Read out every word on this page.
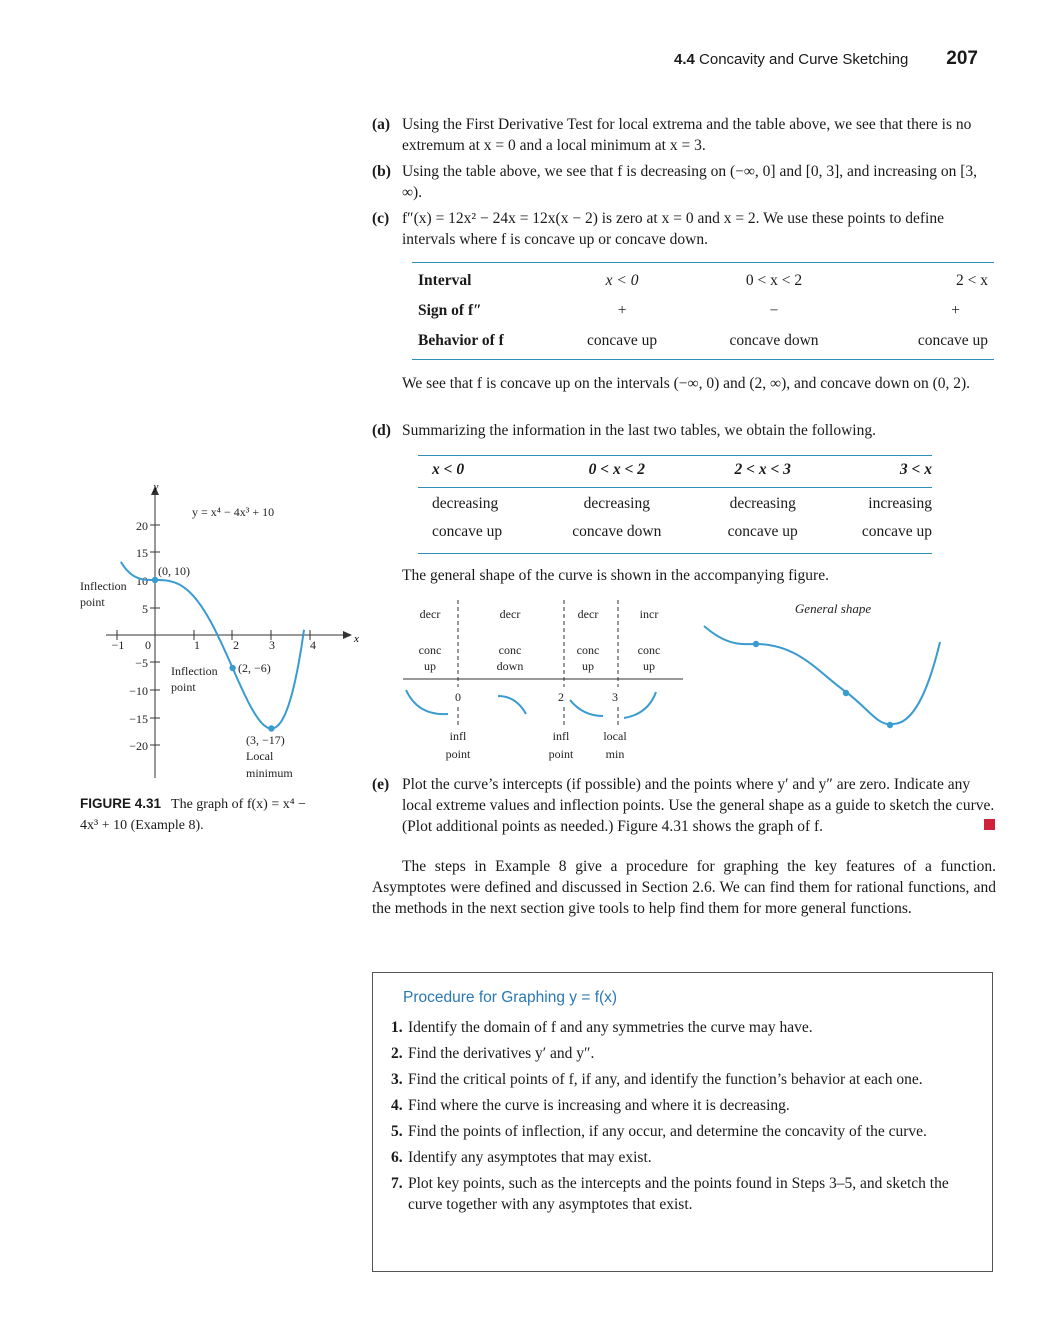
4.4 Concavity and Curve Sketching 207
(a) Using the First Derivative Test for local extrema and the table above, we see that there is no extremum at x = 0 and a local minimum at x = 3.
(b) Using the table above, we see that f is decreasing on (−∞, 0] and [0, 3], and increasing on [3, ∞).
(c) f″(x) = 12x² − 24x = 12x(x − 2) is zero at x = 0 and x = 2. We use these points to define intervals where f is concave up or concave down.
Interval	x < 0	0 < x < 2	2 < x
Sign of f″	+	−	+
Behavior of f	concave up	concave down	concave up
We see that f is concave up on the intervals (−∞, 0) and (2, ∞), and concave down on (0, 2).
(d) Summarizing the information in the last two tables, we obtain the following.
x < 0	0 < x < 2	2 < x < 3	3 < x
decreasing	decreasing	decreasing	increasing
concave up	concave down	concave up	concave up
The general shape of the curve is shown in the accompanying figure.
decr	decr	decr	incr
conc	conc	conc	conc
up	down	up	up
0	2	3
infl	infl	local
point	point	min
General shape
20
15
10
5
0
−5
−10
−15
−20
−1	1	2	3	4
y
x
y = x⁴ − 4x³ + 10
(0, 10)
Inflection
point
Inflection
point
(2, −6)
(3, −17)
Local
minimum
FIGURE 4.31 The graph of f(x) = x⁴ − 4x³ + 10 (Example 8).
(e) Plot the curve’s intercepts (if possible) and the points where y′ and y″ are zero. Indicate any local extreme values and inflection points. Use the general shape as a guide to sketch the curve. (Plot additional points as needed.) Figure 4.31 shows the graph of f.
The steps in Example 8 give a procedure for graphing the key features of a function. Asymptotes were defined and discussed in Section 2.6. We can find them for rational functions, and the methods in the next section give tools to help find them for more general functions.
Procedure for Graphing y = f(x)
1. Identify the domain of f and any symmetries the curve may have.
2. Find the derivatives y′ and y″.
3. Find the critical points of f, if any, and identify the function’s behavior at each one.
4. Find where the curve is increasing and where it is decreasing.
5. Find the points of inflection, if any occur, and determine the concavity of the curve.
6. Identify any asymptotes that may exist.
7. Plot key points, such as the intercepts and the points found in Steps 3–5, and sketch the curve together with any asymptotes that exist.
